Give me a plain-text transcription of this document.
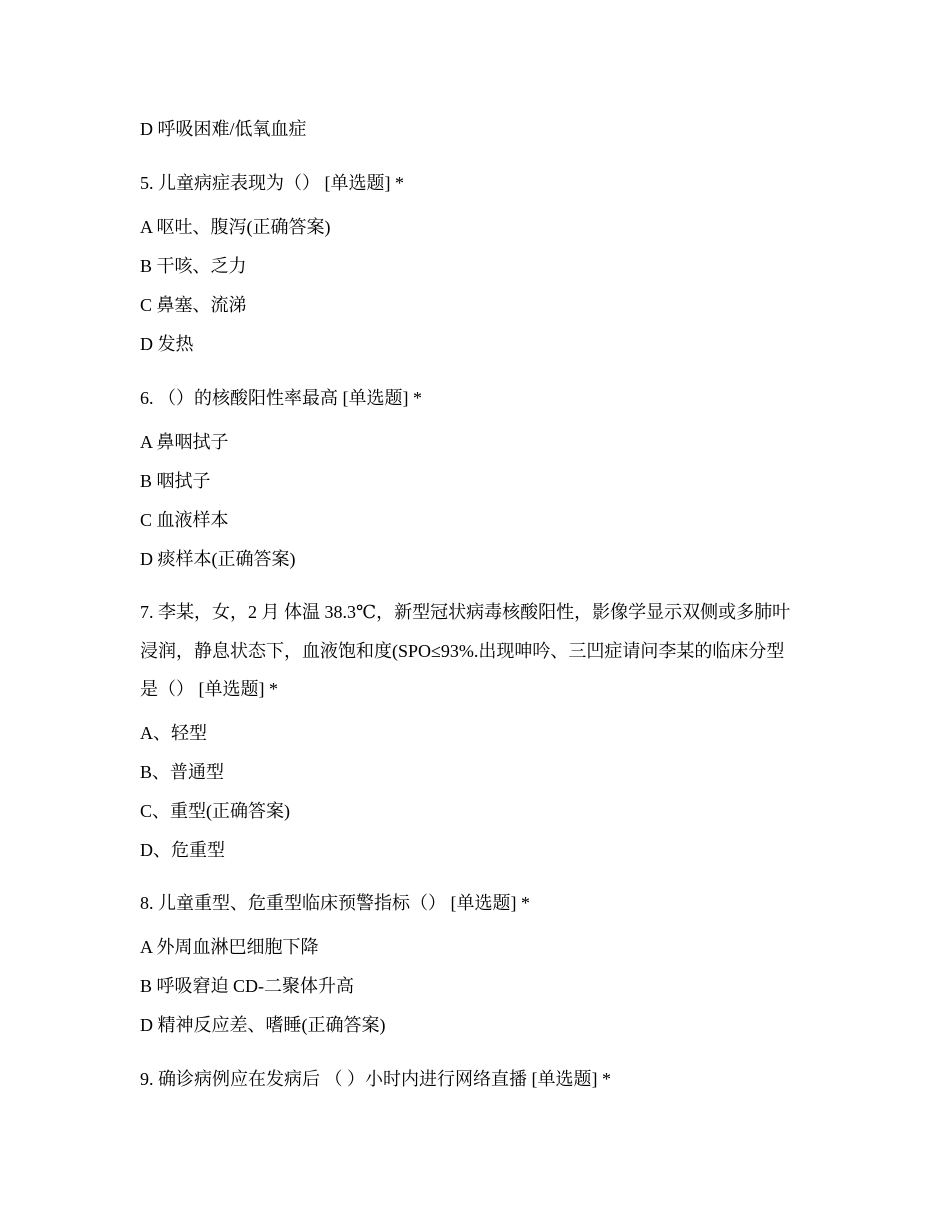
D 呼吸困难/低氧血症
5. 儿童病症表现为（） [单选题] *
A 呕吐、腹泻(正确答案)
B 干咳、乏力
C 鼻塞、流涕
D 发热
6. （）的核酸阳性率最高 [单选题] *
A 鼻咽拭子
B 咽拭子
C 血液样本
D 痰样本(正确答案)
7. 李某，女，2 月 体温 38.3℃，新型冠状病毒核酸阳性，影像学显示双侧或多肺叶
浸润，静息状态下，血液饱和度(SPO≤93%.出现呻吟、三凹症请问李某的临床分型
是（） [单选题] *
A、轻型
B、普通型
C、重型(正确答案)
D、危重型
8. 儿童重型、危重型临床预警指标（） [单选题] *
A 外周血淋巴细胞下降
B 呼吸窘迫 CD-二聚体升高
D 精神反应差、嗜睡(正确答案)
9. 确诊病例应在发病后 （ ）小时内进行网络直播 [单选题] *
